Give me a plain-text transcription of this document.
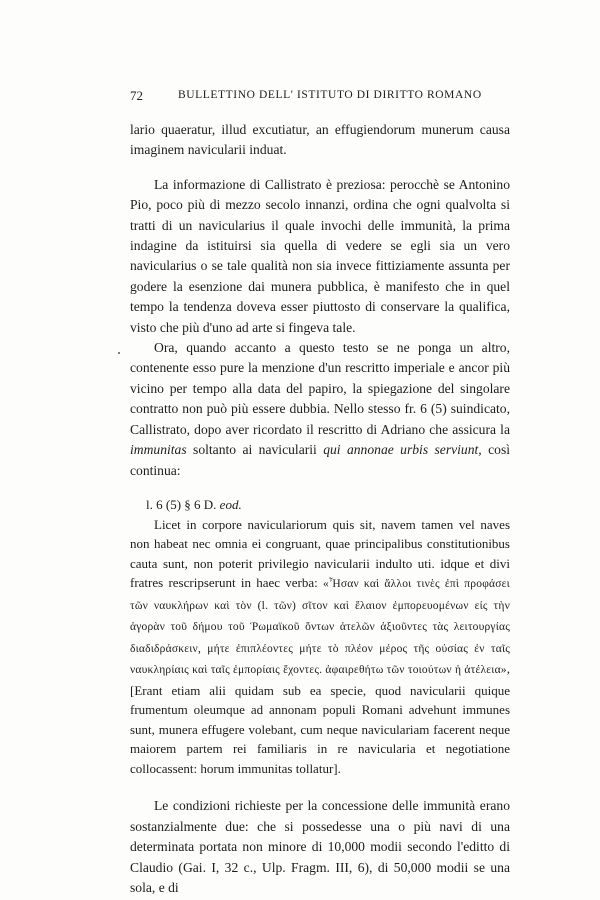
72	BULLETTINO DELL' ISTITUTO DI DIRITTO ROMANO

lario quaeratur, illud excutiatur, an effugiendorum munerum causa imaginem navicularii induat.

La informazione di Callistrato è preziosa: perocchè se Antonino Pio, poco più di mezzo secolo innanzi, ordina che ogni qualvolta si tratti di un navicularius il quale invochi delle immunità, la prima indagine da istituirsi sia quella di vedere se egli sia un vero navicularius o se tale qualità non sia invece fittiziamente assunta per godere la esenzione dai munera pubblica, è manifesto che in quel tempo la tendenza doveva esser piuttosto di conservare la qualifica, visto che più d'uno ad arte si fingeva tale.

Ora, quando accanto a questo testo se ne ponga un altro, contenente esso pure la menzione d'un rescritto imperiale e ancor più vicino per tempo alla data del papiro, la spiegazione del singolare contratto non può più essere dubbia. Nello stesso fr. 6 (5) suindicato, Callistrato, dopo aver ricordato il rescritto di Adriano che assicura la immunitas soltanto ai navicularii qui annonae urbis serviunt, così continua:

l. 6 (5) § 6 D. eod.

Licet in corpore naviculariorum quis sit, navem tamen vel naves non habeat nec omnia ei congruant, quae principalibus constitutionibus cauta sunt, non poterit privilegio navicularii indulto uti. idque et divi fratres rescripserunt in haec verba: «Ἦσαν καὶ ἄλλοι τινὲς ἐπὶ προφάσει τῶν ναυκλήρων καὶ τὸν (l. τῶν) σῖτον καὶ ἔλαιον ἐμπορευομένων εἰς τὴν ἀγορὰν τοῦ δήμου τοῦ Ῥωμαϊκοῦ ὄντων ἀτελῶν ἀξιοῦντες τὰς λειτουργίας διαδιδράσκειν, μήτε ἐπιπλέοντες μήτε τὸ πλέον μέρος τῆς οὐσίας ἐν ταῖς ναυκληρίαις καὶ ταῖς ἐμπορίαις ἔχοντες. ἀφαιρεθήτω τῶν τοιούτων ἡ ἀτέλεια», [Erant etiam alii quidam sub ea specie, quod navicularii quique frumentum oleumque ad annonam populi Romani advehunt immunes sunt, munera effugere volebant, cum neque naviculariam facerent neque maiorem partem rei familiaris in re navicularia et negotiatione collocassent: horum immunitas tollatur].

Le condizioni richieste per la concessione delle immunità erano sostanzialmente due: che si possedesse una o più navi di una determinata portata non minore di 10,000 modii secondo l'editto di Claudio (Gai. I, 32 c., Ulp. Fragm. III, 6), di 50,000 modii se una sola, e di
